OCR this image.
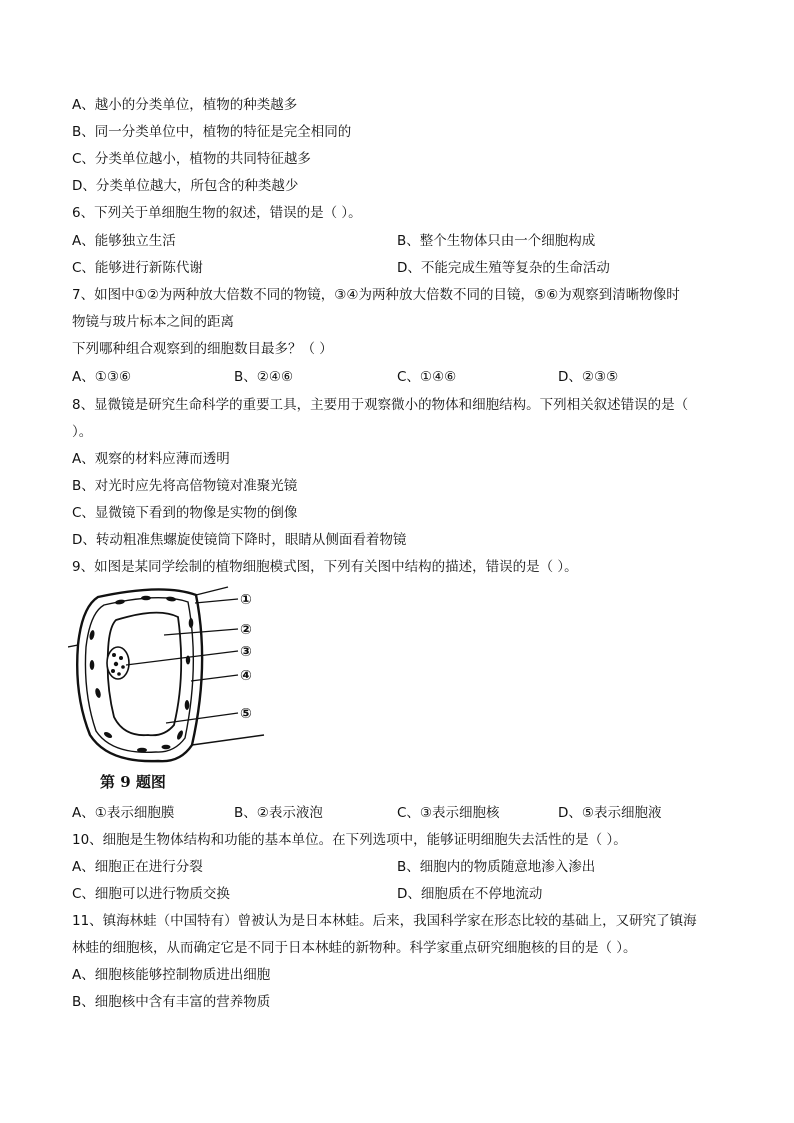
A、越小的分类单位，植物的种类越多
B、同一分类单位中，植物的特征是完全相同的
C、分类单位越小，植物的共同特征越多
D、分类单位越大，所包含的种类越少
6、下列关于单细胞生物的叙述，错误的是（ ）。
A、能够独立生活	B、整个生物体只由一个细胞构成
C、能够进行新陈代谢	D、不能完成生殖等复杂的生命活动
7、如图中①②为两种放大倍数不同的物镜，③④为两种放大倍数不同的目镜，⑤⑥为观察到清晰物像时
物镜与玻片标本之间的距离
下列哪种组合观察到的细胞数目最多？（ ）
A、①③⑥	B、②④⑥	C、①④⑥	D、②③⑤
8、显微镜是研究生命科学的重要工具，主要用于观察微小的物体和细胞结构。下列相关叙述错误的是（
）。
A、观察的材料应薄而透明
B、对光时应先将高倍物镜对准聚光镜
C、显微镜下看到的物像是实物的倒像
D、转动粗准焦螺旋使镜筒下降时，眼睛从侧面看着物镜
9、如图是某同学绘制的植物细胞模式图，下列有关图中结构的描述，错误的是（ ）。
①
②
③
④
⑤
第 9 题图
A、①表示细胞膜	B、②表示液泡	C、③表示细胞核	D、⑤表示细胞液
10、细胞是生物体结构和功能的基本单位。在下列选项中，能够证明细胞失去活性的是（ ）。
A、细胞正在进行分裂	B、细胞内的物质随意地渗入渗出
C、细胞可以进行物质交换	D、细胞质在不停地流动
11、镇海林蛙（中国特有）曾被认为是日本林蛙。后来，我国科学家在形态比较的基础上，又研究了镇海
林蛙的细胞核，从而确定它是不同于日本林蛙的新物种。科学家重点研究细胞核的目的是（ ）。
A、细胞核能够控制物质进出细胞
B、细胞核中含有丰富的营养物质
